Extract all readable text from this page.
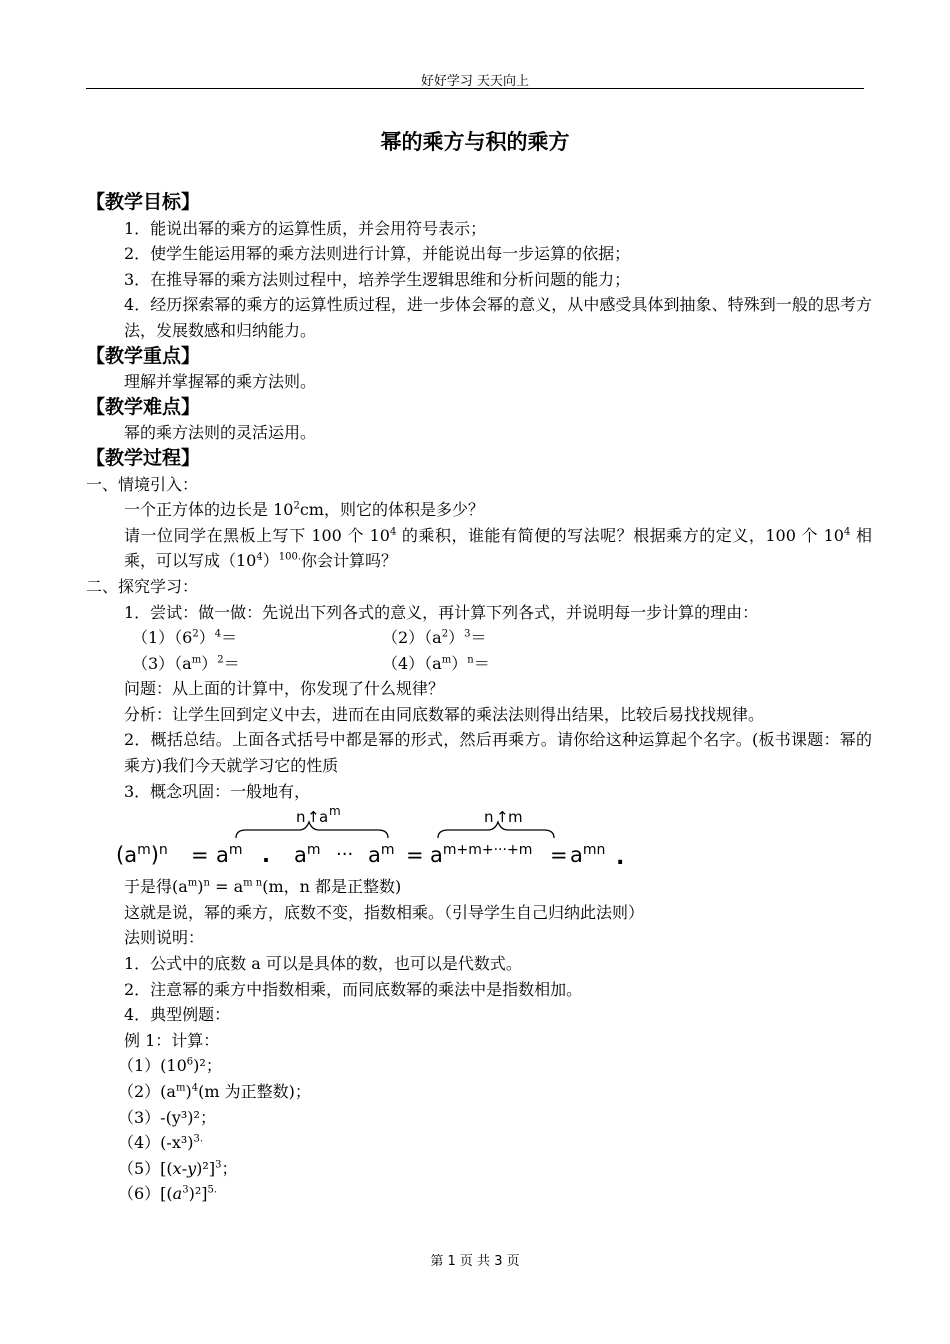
好好学习 天天向上
幂的乘方与积的乘方
【教学目标】
1．能说出幂的乘方的运算性质，并会用符号表示；
2．使学生能运用幂的乘方法则进行计算，并能说出每一步运算的依据；
3．在推导幂的乘方法则过程中，培养学生逻辑思维和分析问题的能力；
4．经历探索幂的乘方的运算性质过程，进一步体会幂的意义，从中感受具体到抽象、特殊到一般的思考方法，发展数感和归纳能力。
【教学重点】
理解并掌握幂的乘方法则。
【教学难点】
幂的乘方法则的灵活运用。
【教学过程】
一、情境引入：
一个正方体的边长是 $10^2cm$，则它的体积是多少？
请一位同学在黑板上写下 100 个 $10^4$ 的乘积，谁能有简便的写法呢？根据乘方的定义，100 个 $10^4$ 相乘，可以写成$(10^4)^{100.}$你会计算吗？
二、探究学习：
1．尝试：做一做：先说出下列各式的意义，再计算下列各式，并说明每一步计算的理由：
$(1)(6^2)^4=$	$(2)(a^2)^3=$
$(3)(a^m)^2=$	$(4)(a^m)^n=$
问题：从上面的计算中，你发现了什么规律？
分析：让学生回到定义中去，进而在由同底数幂的乘法法则得出结果，比较后易找找规律。
2．概括总结。上面各式括号中都是幂的形式，然后再乘方。请你给这种运算起个名字。(板书课题：幂的乘方)我们今天就学习它的性质
3．概念巩固：一般地有，
n ↑ a m	n ↑ m
$(a^m)^n = a^m$ . $a^m$ ··· $a^m = a^{m+m+\cdot\cdot\cdot+m} = a^{mn}$ .
于是得$(a^m)^n = a^{m n}(m$，n 都是正整数)
这就是说，幂的乘方，底数不变，指数相乘。（引导学生自己归纳此法则）
法则说明：
1．公式中的底数 a 可以是具体的数，也可以是代数式。
2．注意幂的乘方中指数相乘，而同底数幂的乘法中是指数相加。
4．典型例题：
例 1：计算：
$(1)(10^6)^2$；
$(2)(a^m)^4(m$ 为正整数)；
（3）-(y³)²；
$(4)(-x^3)^{3.}$
$(5)[(x-y)^2]^3$；
$(6)[(a^3)^2]^{5.}$
第 1 页 共 3 页
